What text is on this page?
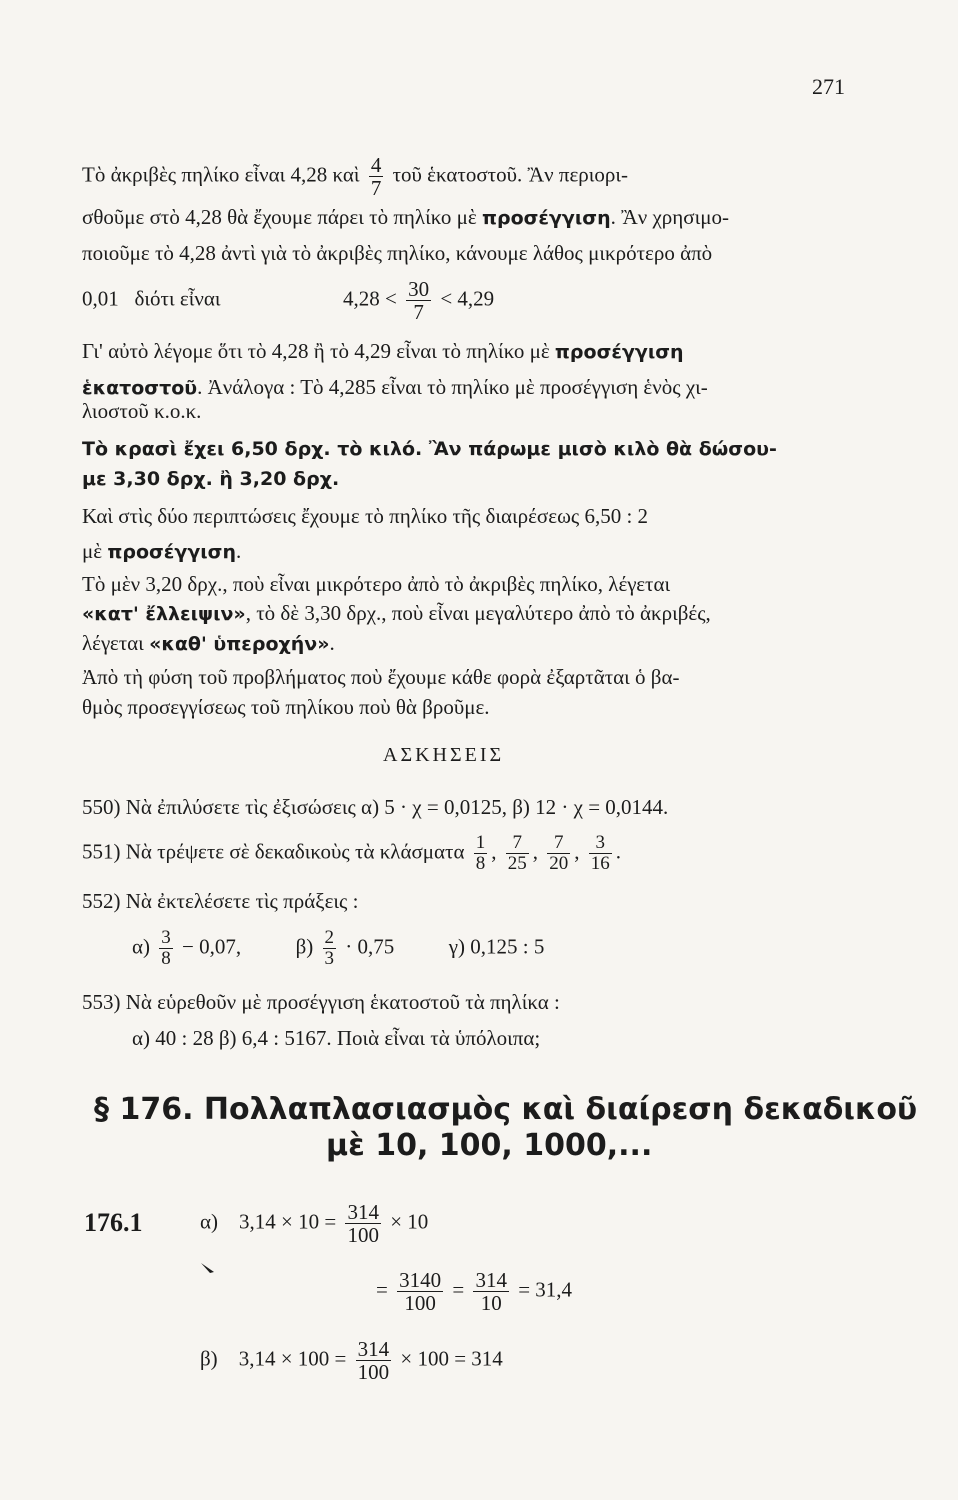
271
Τὸ ἀκριβὲς πηλίκο εἶναι 4,28 καὶ $\frac{4}{7}$ τοῦ ἑκατοστοῦ. Ἂν περιορι-
σθοῦμε στὸ 4,28 θὰ ἔχουμε πάρει τὸ πηλίκο μὲ προσέγγιση. Ἂν χρησιμο-
ποιοῦμε τὸ 4,28 ἀντὶ γιὰ τὸ ἀκριβὲς πηλίκο, κάνουμε λάθος μικρότερο ἀπὸ
0,01 διότι εἶναι	$4,28 < \frac{30}{7} < 4,29$
Γι' αὐτὸ λέγομε ὅτι τὸ 4,28 ἢ τὸ 4,29 εἶναι τὸ πηλίκο μὲ προσέγγιση
ἑκατοστοῦ. Ἀνάλογα : Τὸ 4,285 εἶναι τὸ πηλίκο μὲ προσέγγιση ἑνὸς χι-
λιοστοῦ κ.ο.κ.
Τὸ κρασὶ ἔχει 6,50 δρχ. τὸ κιλό. Ἂν πάρωμε μισὸ κιλὸ θὰ δώσου-
με 3,30 δρχ. ἢ 3,20 δρχ.
Καὶ στὶς δύο περιπτώσεις ἔχουμε τὸ πηλίκο τῆς διαιρέσεως 6,50 : 2
μὲ προσέγγιση.
Τὸ μὲν 3,20 δρχ., ποὺ εἶναι μικρότερο ἀπὸ τὸ ἀκριβὲς πηλίκο, λέγεται
«κατ' ἔλλειψιν», τὸ δὲ 3,30 δρχ., ποὺ εἶναι μεγαλύτερο ἀπὸ τὸ ἀκριβές,
λέγεται «καθ' ὑπεροχήν».
Ἀπὸ τὴ φύση τοῦ προβλήματος ποὺ ἔχουμε κάθε φορὰ ἐξαρτᾶται ὁ βα-
θμὸς προσεγγίσεως τοῦ πηλίκου ποὺ θὰ βροῦμε.
ΑΣΚΗΣΕΙΣ
550) Νὰ ἐπιλύσετε τὶς ἐξισώσεις α) 5 · χ = 0,0125, β) 12 · χ = 0,0144.
551) Νὰ τρέψετε σὲ δεκαδικοὺς τὰ κλάσματα $\frac{1}{8}$ , $\frac{7}{25}$ , $\frac{7}{20}$ , $\frac{3}{16}$ .
552) Νὰ ἐκτελέσετε τὶς πράξεις :
$\alpha) \frac{3}{8} - 0,07$,	$\beta) \frac{2}{3} \cdot 0,75$	γ) 0,125 : 5
553) Νὰ εὑρεθοῦν μὲ προσέγγιση ἑκατοστοῦ τὰ πηλίκα :
α) 40 : 28 β) 6,4 : 5167. Ποιὰ εἶναι τὰ ὑπόλοιπα;
§ 176. Πολλαπλασιασμὸς καὶ διαίρεση δεκαδικοῦ
μὲ 10, 100, 1000,...
176.1	α) $3,14 \times 10 = \frac{314}{100} \times 10$
= $\frac{3140}{100} = \frac{314}{10} = 31,4$
β) $3,14 \times 100 = \frac{314}{100} \times 100 = 314$
